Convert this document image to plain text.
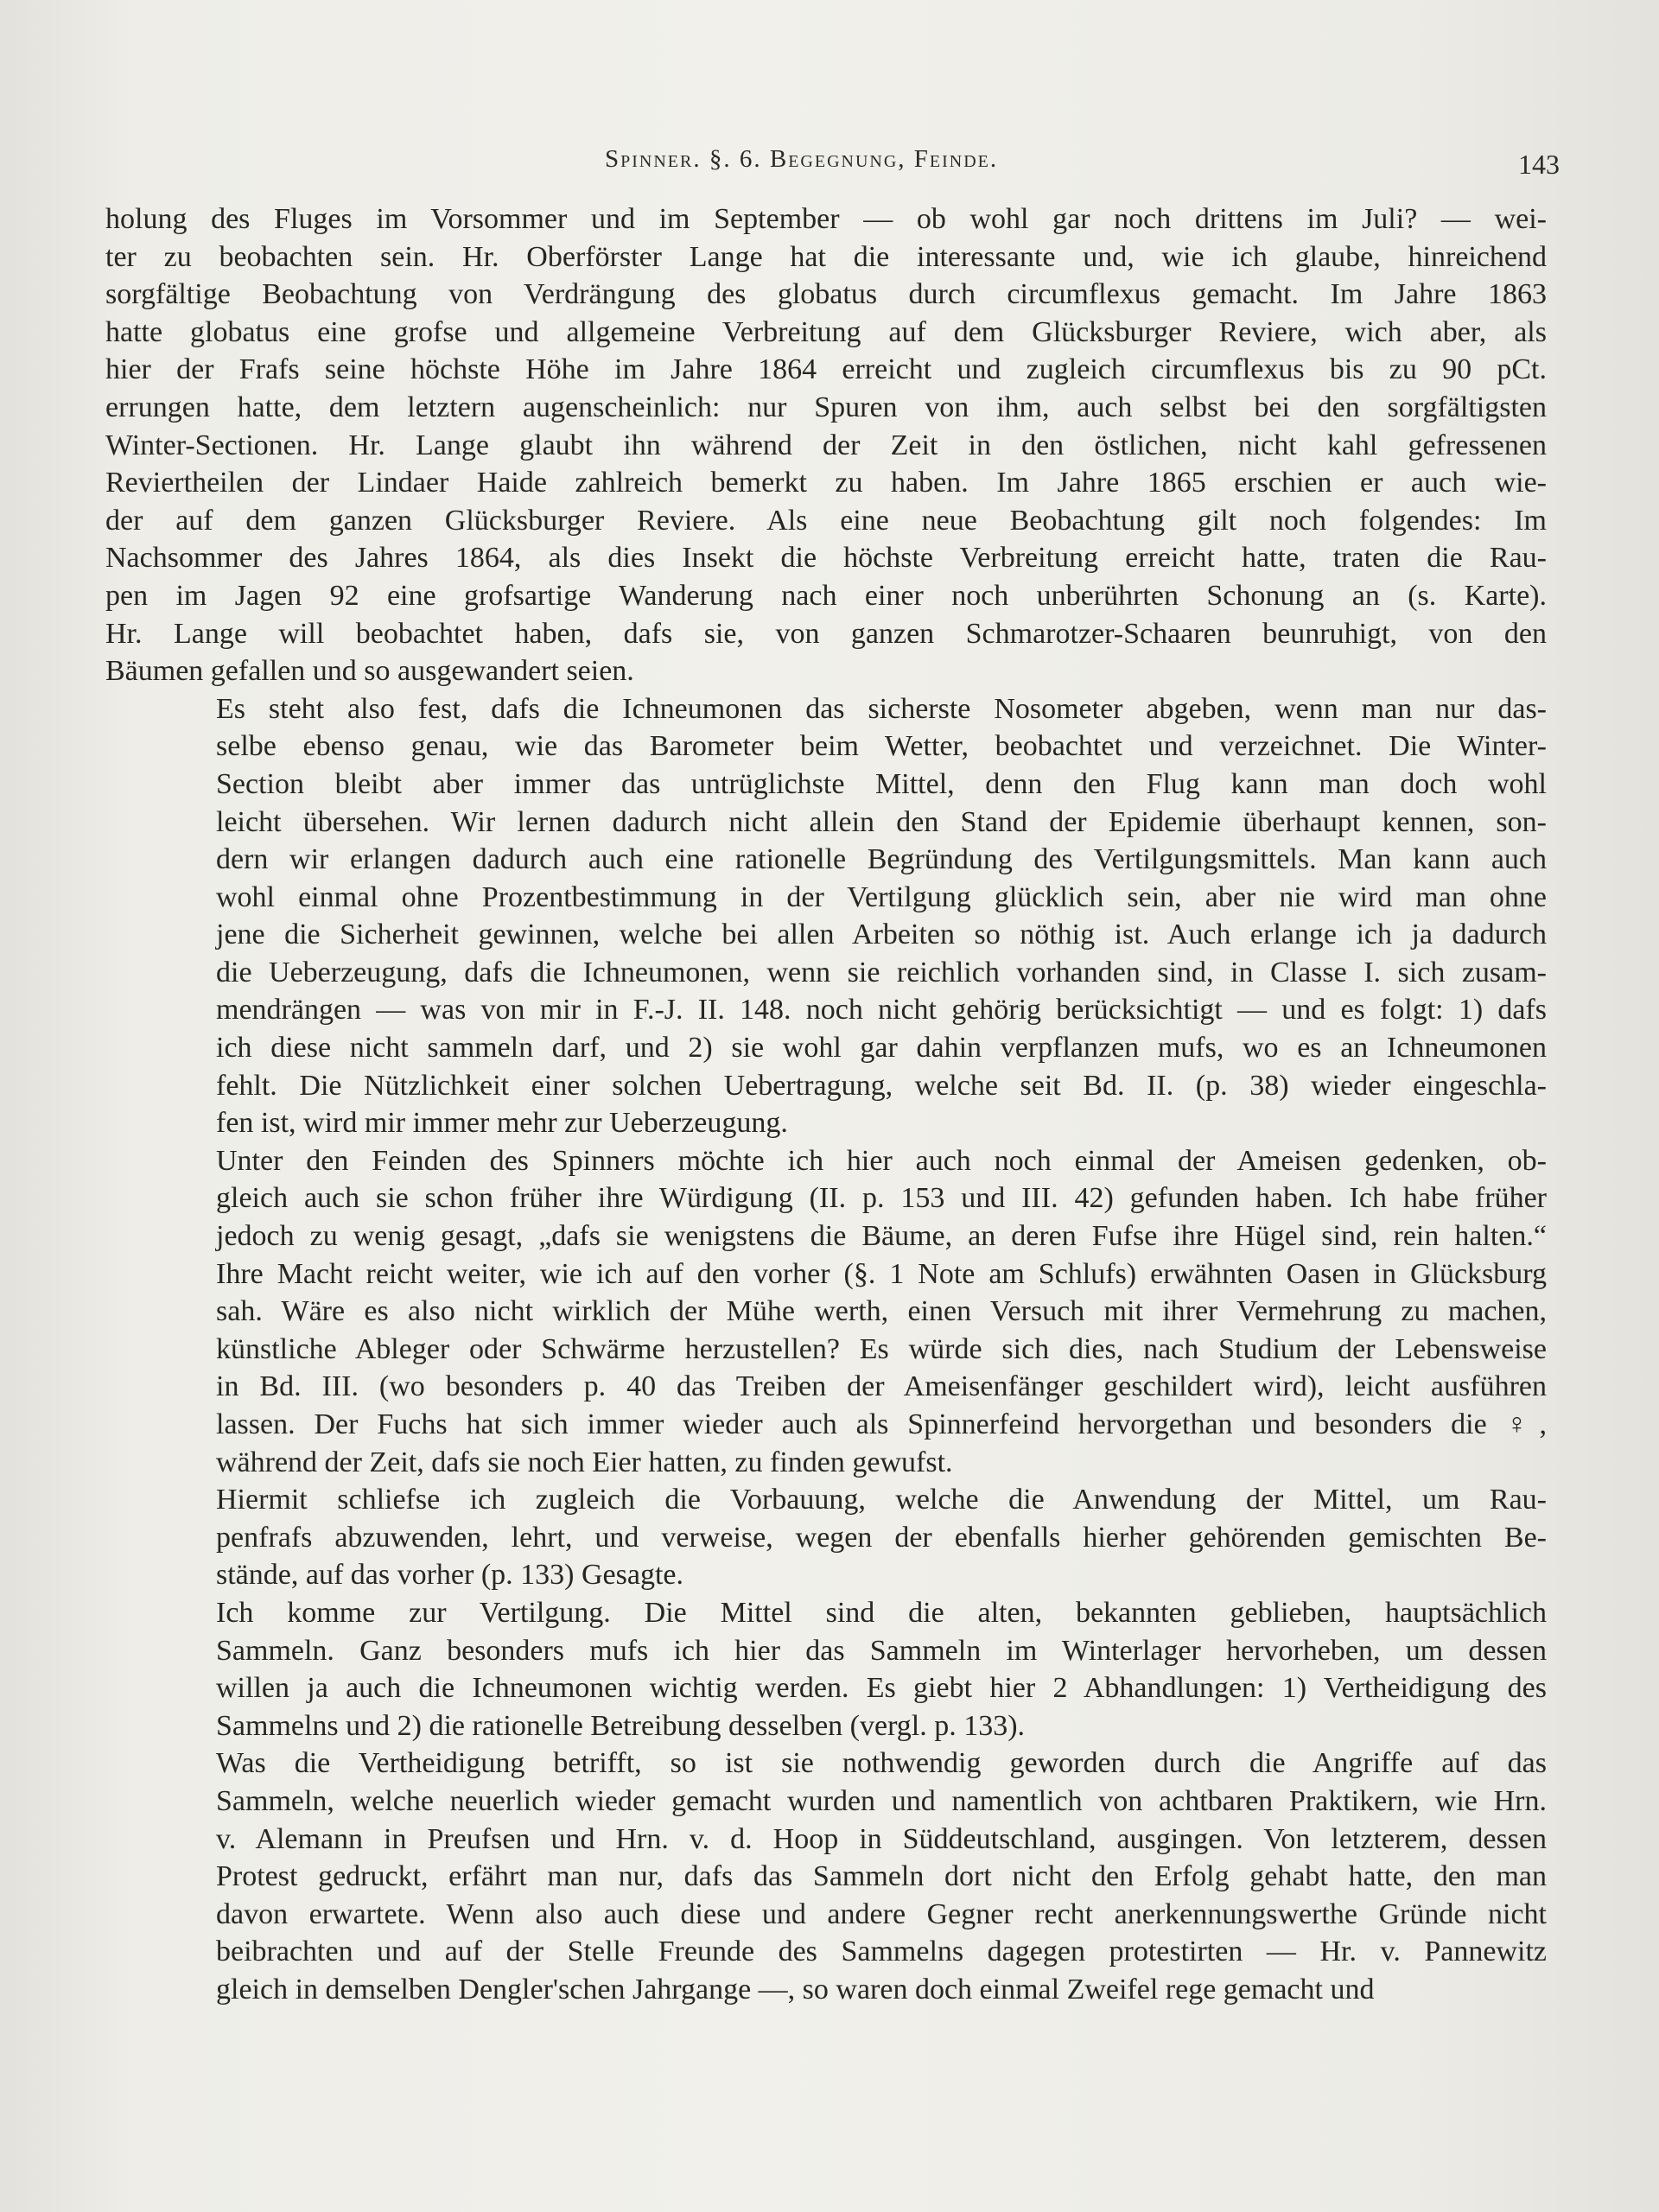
Spinner. §. 6. Begegnung, Feinde.	143
holung des Fluges im Vorsommer und im September — ob wohl gar noch drittens im Juli? — wei-
ter zu beobachten sein. Hr. Oberförster Lange hat die interessante und, wie ich glaube, hinreichend
sorgfältige Beobachtung von Verdrängung des globatus durch circumflexus gemacht. Im Jahre 1863
hatte globatus eine grofse und allgemeine Verbreitung auf dem Glücksburger Reviere, wich aber, als
hier der Frafs seine höchste Höhe im Jahre 1864 erreicht und zugleich circumflexus bis zu 90 pCt.
errungen hatte, dem letztern augenscheinlich: nur Spuren von ihm, auch selbst bei den sorgfältigsten
Winter-Sectionen. Hr. Lange glaubt ihn während der Zeit in den östlichen, nicht kahl gefressenen
Reviertheilen der Lindaer Haide zahlreich bemerkt zu haben. Im Jahre 1865 erschien er auch wie-
der auf dem ganzen Glücksburger Reviere. Als eine neue Beobachtung gilt noch folgendes: Im
Nachsommer des Jahres 1864, als dies Insekt die höchste Verbreitung erreicht hatte, traten die Rau-
pen im Jagen 92 eine grofsartige Wanderung nach einer noch unberührten Schonung an (s. Karte).
Hr. Lange will beobachtet haben, dafs sie, von ganzen Schmarotzer-Schaaren beunruhigt, von den
Bäumen gefallen und so ausgewandert seien.
Es steht also fest, dafs die Ichneumonen das sicherste Nosometer abgeben, wenn man nur das-
selbe ebenso genau, wie das Barometer beim Wetter, beobachtet und verzeichnet. Die Winter-
Section bleibt aber immer das untrüglichste Mittel, denn den Flug kann man doch wohl
leicht übersehen. Wir lernen dadurch nicht allein den Stand der Epidemie überhaupt kennen, son-
dern wir erlangen dadurch auch eine rationelle Begründung des Vertilgungsmittels. Man kann auch
wohl einmal ohne Prozentbestimmung in der Vertilgung glücklich sein, aber nie wird man ohne
jene die Sicherheit gewinnen, welche bei allen Arbeiten so nöthig ist. Auch erlange ich ja dadurch
die Ueberzeugung, dafs die Ichneumonen, wenn sie reichlich vorhanden sind, in Classe I. sich zusam-
mendrängen — was von mir in F.-J. II. 148. noch nicht gehörig berücksichtigt — und es folgt: 1) dafs
ich diese nicht sammeln darf, und 2) sie wohl gar dahin verpflanzen mufs, wo es an Ichneumonen
fehlt. Die Nützlichkeit einer solchen Uebertragung, welche seit Bd. II. (p. 38) wieder eingeschla-
fen ist, wird mir immer mehr zur Ueberzeugung.
Unter den Feinden des Spinners möchte ich hier auch noch einmal der Ameisen gedenken, ob-
gleich auch sie schon früher ihre Würdigung (II. p. 153 und III. 42) gefunden haben. Ich habe früher
jedoch zu wenig gesagt, „dafs sie wenigstens die Bäume, an deren Fufse ihre Hügel sind, rein halten.“
Ihre Macht reicht weiter, wie ich auf den vorher (§. 1 Note am Schlufs) erwähnten Oasen in Glücksburg
sah. Wäre es also nicht wirklich der Mühe werth, einen Versuch mit ihrer Vermehrung zu machen,
künstliche Ableger oder Schwärme herzustellen? Es würde sich dies, nach Studium der Lebensweise
in Bd. III. (wo besonders p. 40 das Treiben der Ameisenfänger geschildert wird), leicht ausführen
lassen. Der Fuchs hat sich immer wieder auch als Spinnerfeind hervorgethan und besonders die ♀,
während der Zeit, dafs sie noch Eier hatten, zu finden gewufst.
Hiermit schliefse ich zugleich die Vorbauung, welche die Anwendung der Mittel, um Rau-
penfrafs abzuwenden, lehrt, und verweise, wegen der ebenfalls hierher gehörenden gemischten Be-
stände, auf das vorher (p. 133) Gesagte.
Ich komme zur Vertilgung. Die Mittel sind die alten, bekannten geblieben, hauptsächlich
Sammeln. Ganz besonders mufs ich hier das Sammeln im Winterlager hervorheben, um dessen
willen ja auch die Ichneumonen wichtig werden. Es giebt hier 2 Abhandlungen: 1) Vertheidigung des
Sammelns und 2) die rationelle Betreibung desselben (vergl. p. 133).
Was die Vertheidigung betrifft, so ist sie nothwendig geworden durch die Angriffe auf das
Sammeln, welche neuerlich wieder gemacht wurden und namentlich von achtbaren Praktikern, wie Hrn.
v. Alemann in Preufsen und Hrn. v. d. Hoop in Süddeutschland, ausgingen. Von letzterem, dessen
Protest gedruckt, erfährt man nur, dafs das Sammeln dort nicht den Erfolg gehabt hatte, den man
davon erwartete. Wenn also auch diese und andere Gegner recht anerkennungswerthe Gründe nicht
beibrachten und auf der Stelle Freunde des Sammelns dagegen protestirten — Hr. v. Pannewitz
gleich in demselben Dengler'schen Jahrgange —, so waren doch einmal Zweifel rege gemacht und
